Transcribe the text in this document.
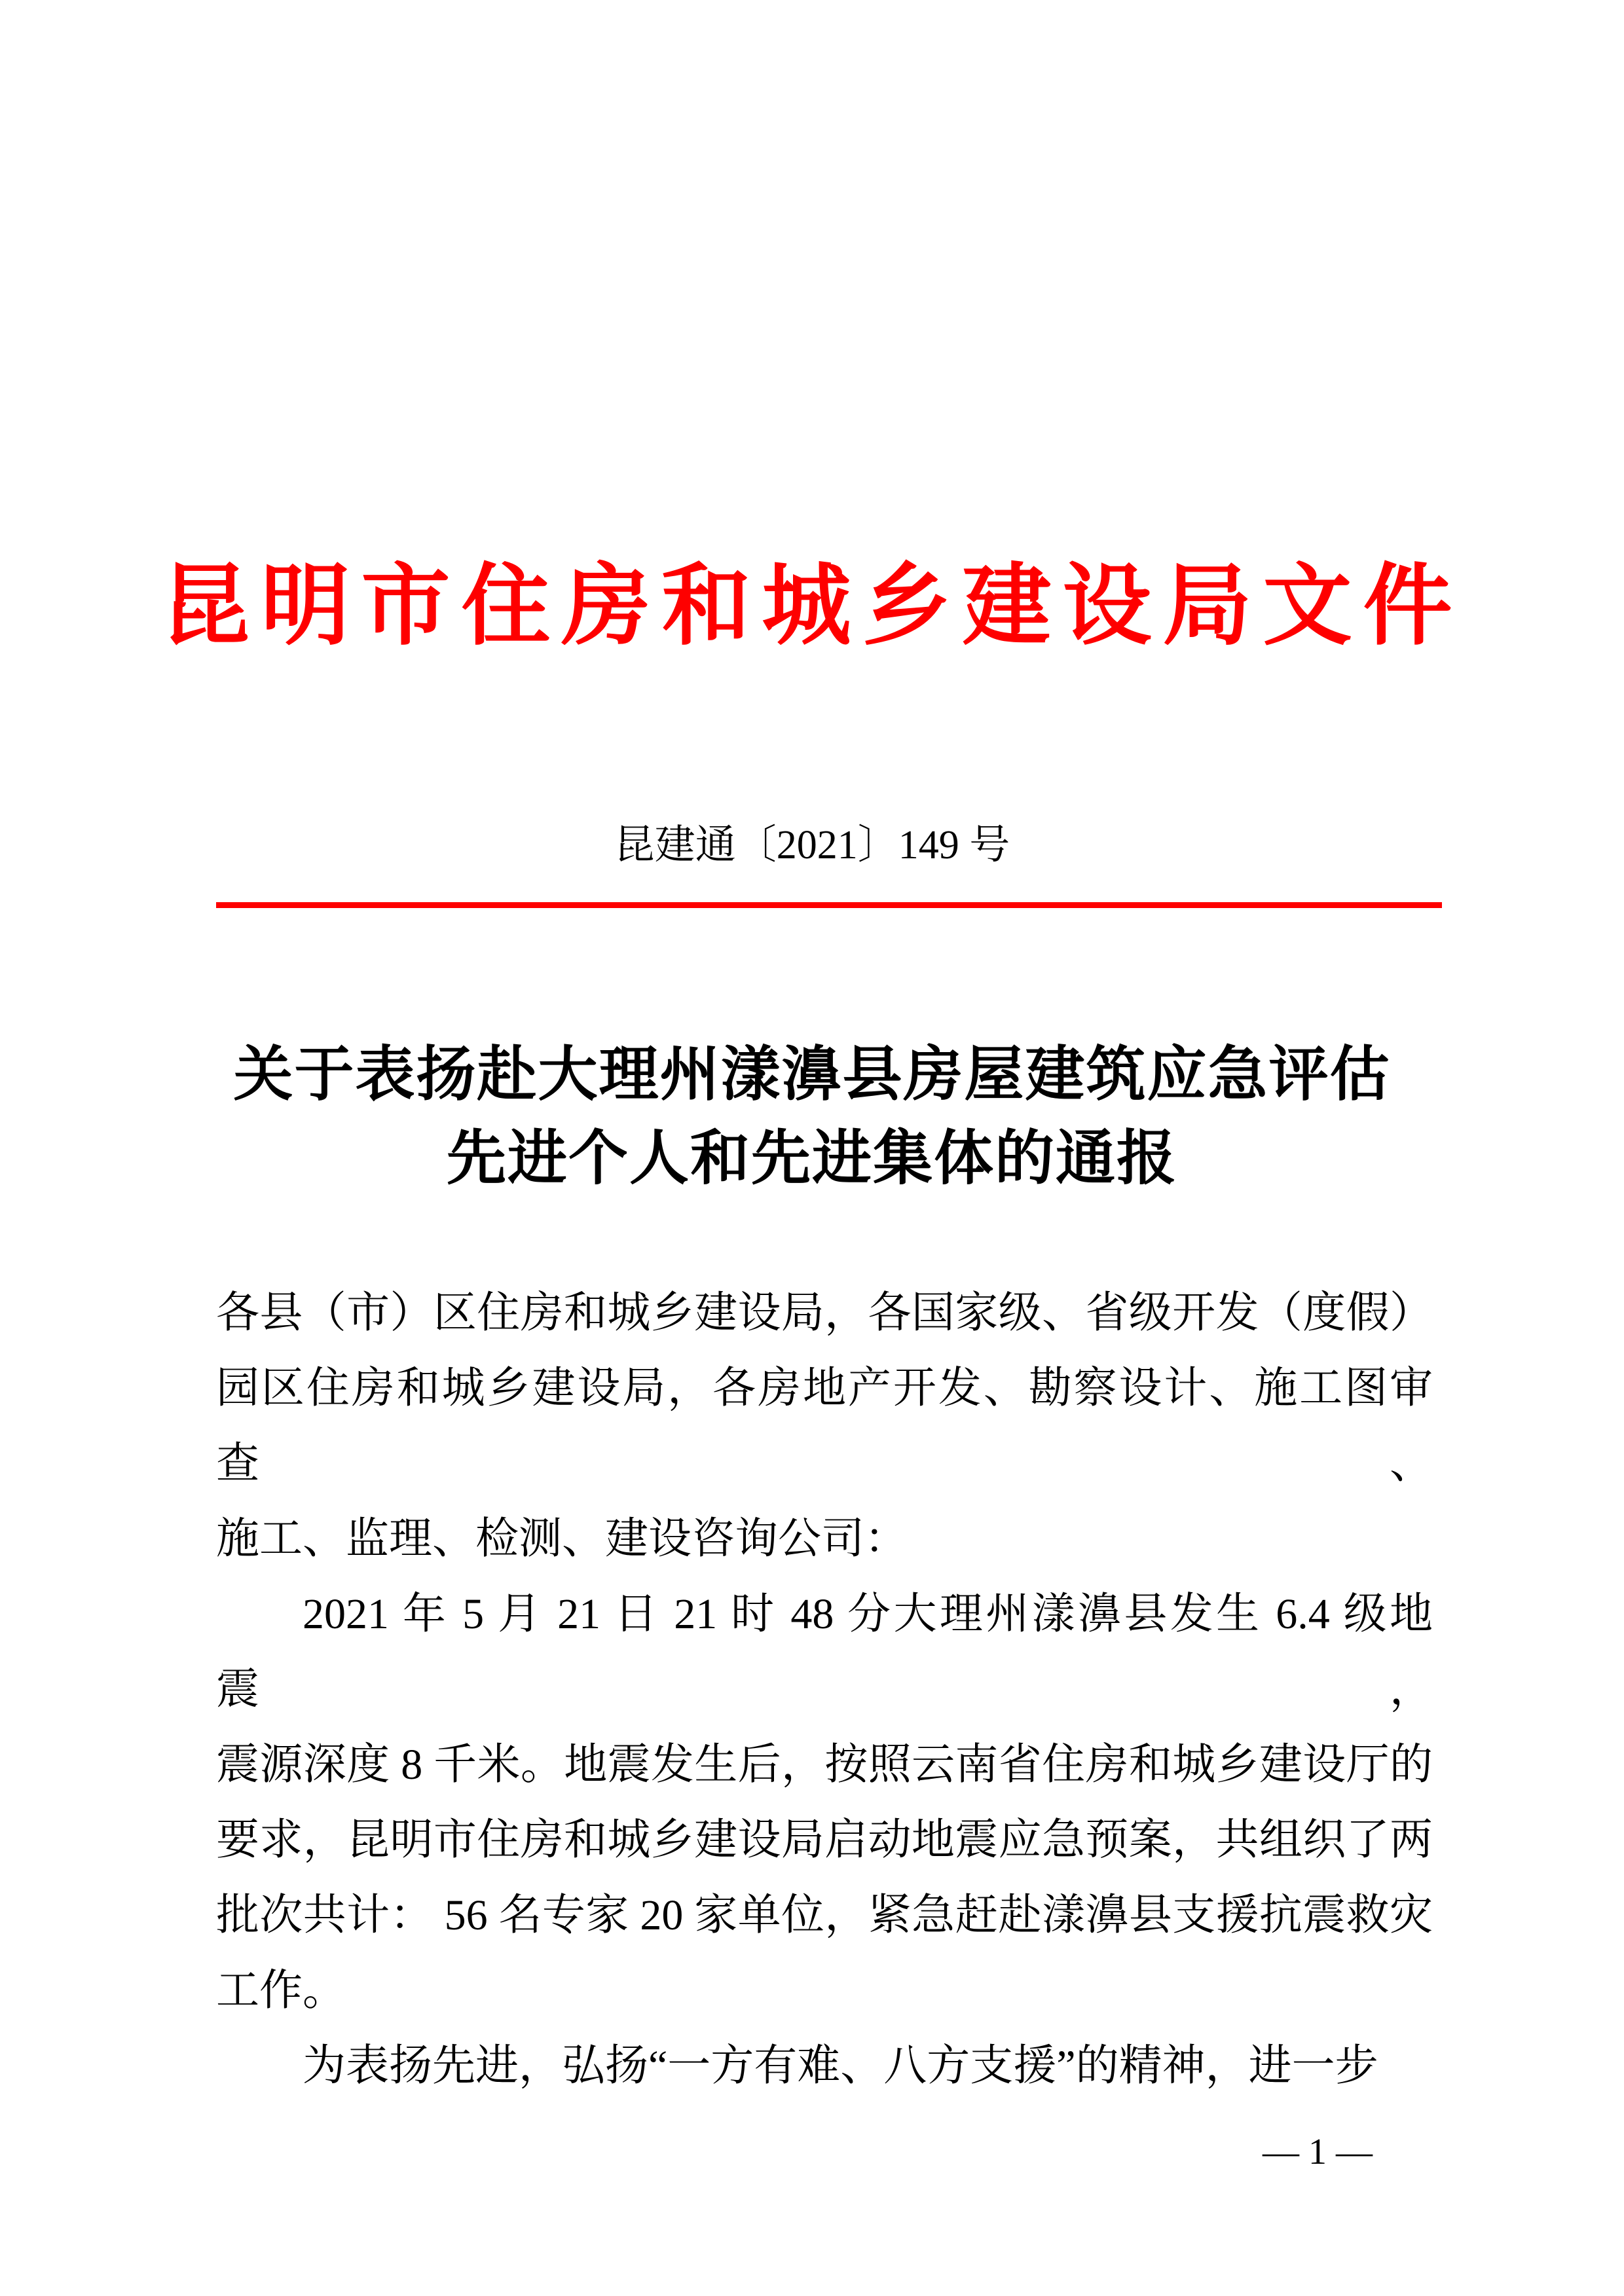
昆明市住房和城乡建设局文件
昆建通〔2021〕149 号
关于表扬赴大理州漾濞县房屋建筑应急评估
先进个人和先进集体的通报

各县（市）区住房和城乡建设局，各国家级、省级开发（度假）

园区住房和城乡建设局，各房地产开发、勘察设计、施工图审查、

施工、监理、检测、建设咨询公司：

2021 年 5 月 21 日 21 时 48 分大理州漾濞县发生 6.4 级地震，

震源深度 8 千米。地震发生后，按照云南省住房和城乡建设厅的

要求，昆明市住房和城乡建设局启动地震应急预案，共组织了两

批次共计： 56 名专家 20 家单位，紧急赶赴漾濞县支援抗震救灾

工作。

为表扬先进，弘扬“一方有难、八方支援”的精神，进一步

— 1 —
